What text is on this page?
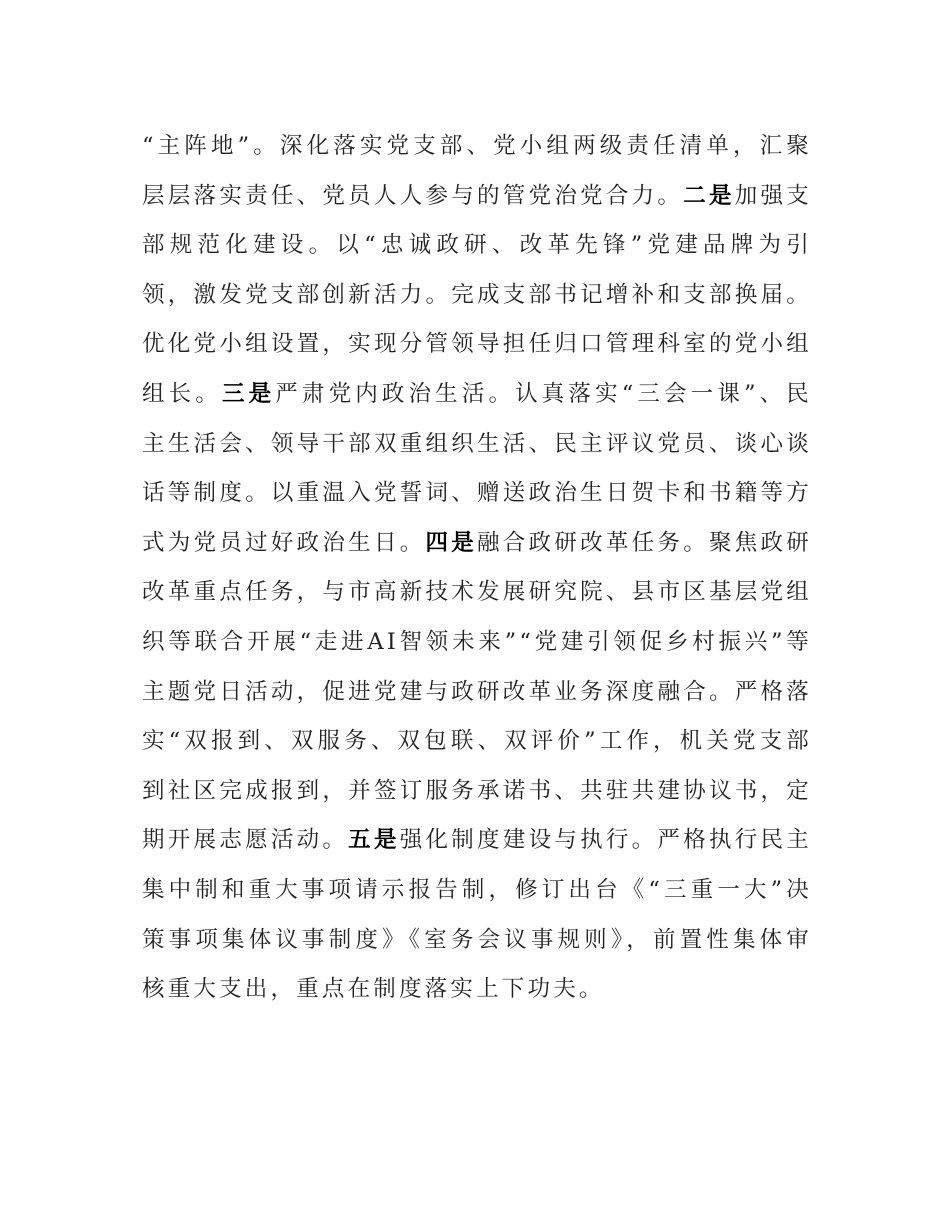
“主阵地”。深化落实党支部、党小组两级责任清单，汇聚层层落实责任、党员人人参与的管党治党合力。二是加强支部规范化建设。以“忠诚政研、改革先锋”党建品牌为引领，激发党支部创新活力。完成支部书记增补和支部换届。优化党小组设置，实现分管领导担任归口管理科室的党小组组长。三是严肃党内政治生活。认真落实“三会一课”、民主生活会、领导干部双重组织生活、民主评议党员、谈心谈话等制度。以重温入党誓词、赠送政治生日贺卡和书籍等方式为党员过好政治生日。四是融合政研改革任务。聚焦政研改革重点任务，与市高新技术发展研究院、县市区基层党组织等联合开展“走进AI智领未来”“党建引领促乡村振兴”等主题党日活动，促进党建与政研改革业务深度融合。严格落实“双报到、双服务、双包联、双评价”工作，机关党支部到社区完成报到，并签订服务承诺书、共驻共建协议书，定期开展志愿活动。五是强化制度建设与执行。严格执行民主集中制和重大事项请示报告制，修订出台《“三重一大”决策事项集体议事制度》《室务会议事规则》，前置性集体审核重大支出，重点在制度落实上下功夫。
